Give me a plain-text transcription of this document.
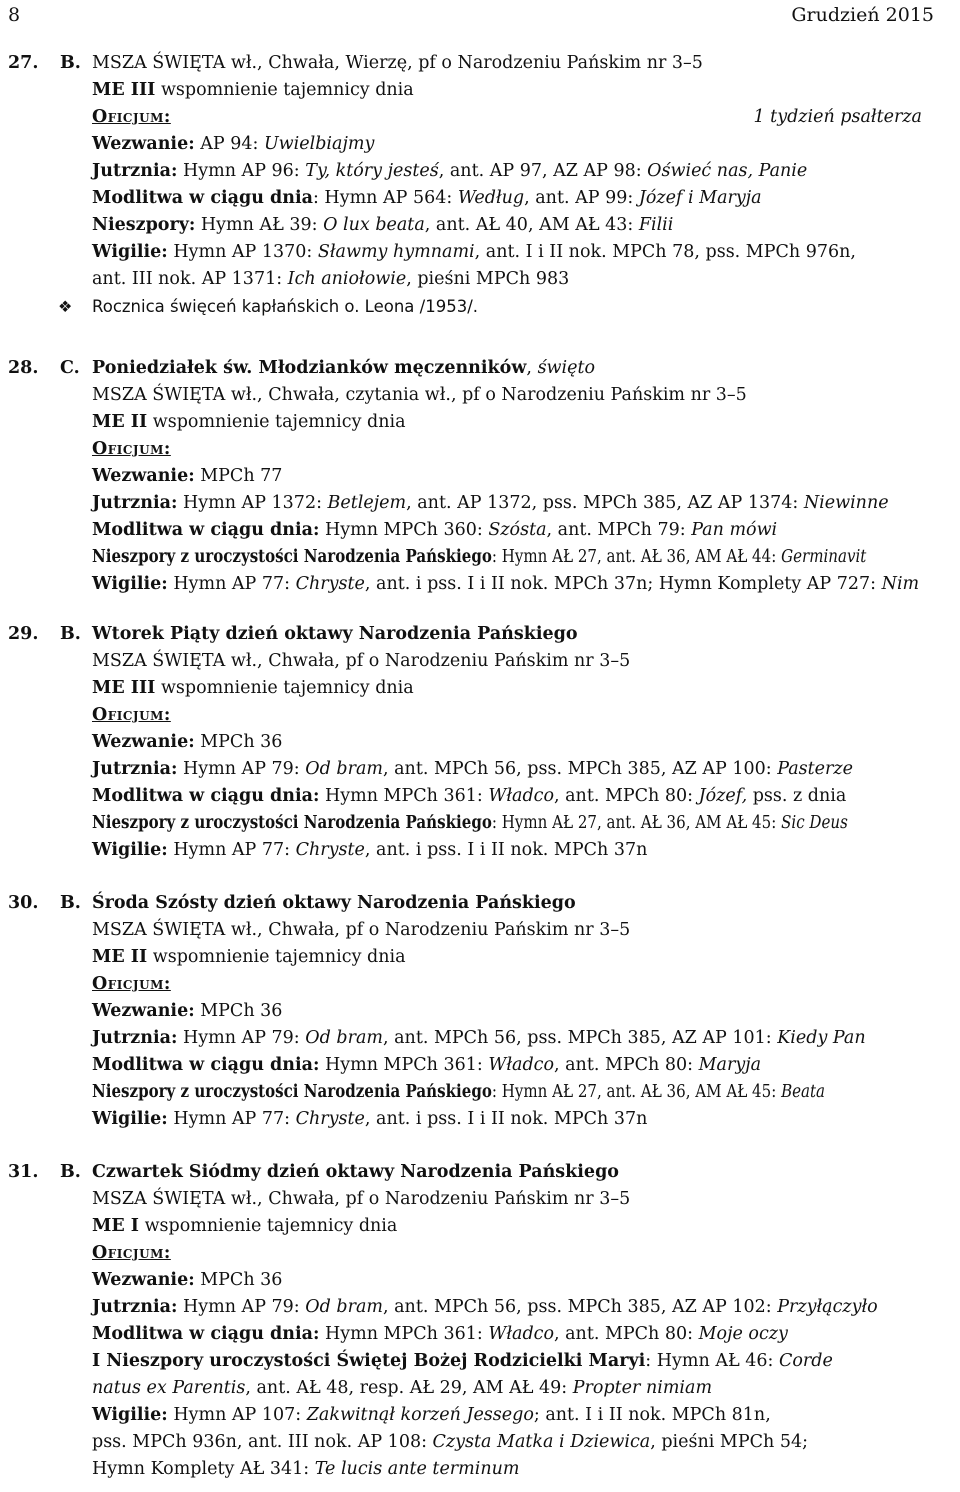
8	Grudzień 2015
27. B. MSZA ŚWIĘTA wł., Chwała, Wierzę, pf o Narodzeniu Pańskim nr 3–5
ME III wspomnienie tajemnicy dnia
Oficjum:	1 tydzień psałterza
Wezwanie: AP 94: Uwielbiajmy
Jutrznia: Hymn AP 96: Ty, który jesteś, ant. AP 97, AZ AP 98: Oświeć nas, Panie
Modlitwa w ciągu dnia: Hymn AP 564: Według, ant. AP 99: Józef i Maryja
Nieszpory: Hymn AŁ 39: O lux beata, ant. AŁ 40, AM AŁ 43: Filii
Wigilie: Hymn AP 1370: Sławmy hymnami, ant. I i II nok. MPCh 78, pss. MPCh 976n,
ant. III nok. AP 1371: Ich aniołowie, pieśni MPCh 983
❖ Rocznica święceń kapłańskich o. Leona /1953/.
28. C. Poniedziałek św. Młodzianków męczenników, święto
MSZA ŚWIĘTA wł., Chwała, czytania wł., pf o Narodzeniu Pańskim nr 3–5
ME II wspomnienie tajemnicy dnia
Oficjum:
Wezwanie: MPCh 77
Jutrznia: Hymn AP 1372: Betlejem, ant. AP 1372, pss. MPCh 385, AZ AP 1374: Niewinne
Modlitwa w ciągu dnia: Hymn MPCh 360: Szósta, ant. MPCh 79: Pan mówi
Nieszpory z uroczystości Narodzenia Pańskiego: Hymn AŁ 27, ant. AŁ 36, AM AŁ 44: Germinavit
Wigilie: Hymn AP 77: Chryste, ant. i pss. I i II nok. MPCh 37n; Hymn Komplety AP 727: Nim
29. B. Wtorek Piąty dzień oktawy Narodzenia Pańskiego
MSZA ŚWIĘTA wł., Chwała, pf o Narodzeniu Pańskim nr 3–5
ME III wspomnienie tajemnicy dnia
Oficjum:
Wezwanie: MPCh 36
Jutrznia: Hymn AP 79: Od bram, ant. MPCh 56, pss. MPCh 385, AZ AP 100: Pasterze
Modlitwa w ciągu dnia: Hymn MPCh 361: Władco, ant. MPCh 80: Józef, pss. z dnia
Nieszpory z uroczystości Narodzenia Pańskiego: Hymn AŁ 27, ant. AŁ 36, AM AŁ 45: Sic Deus
Wigilie: Hymn AP 77: Chryste, ant. i pss. I i II nok. MPCh 37n
30. B. Środa Szósty dzień oktawy Narodzenia Pańskiego
MSZA ŚWIĘTA wł., Chwała, pf o Narodzeniu Pańskim nr 3–5
ME II wspomnienie tajemnicy dnia
Oficjum:
Wezwanie: MPCh 36
Jutrznia: Hymn AP 79: Od bram, ant. MPCh 56, pss. MPCh 385, AZ AP 101: Kiedy Pan
Modlitwa w ciągu dnia: Hymn MPCh 361: Władco, ant. MPCh 80: Maryja
Nieszpory z uroczystości Narodzenia Pańskiego: Hymn AŁ 27, ant. AŁ 36, AM AŁ 45: Beata
Wigilie: Hymn AP 77: Chryste, ant. i pss. I i II nok. MPCh 37n
31. B. Czwartek Siódmy dzień oktawy Narodzenia Pańskiego
MSZA ŚWIĘTA wł., Chwała, pf o Narodzeniu Pańskim nr 3–5
ME I wspomnienie tajemnicy dnia
Oficjum:
Wezwanie: MPCh 36
Jutrznia: Hymn AP 79: Od bram, ant. MPCh 56, pss. MPCh 385, AZ AP 102: Przyłączyło
Modlitwa w ciągu dnia: Hymn MPCh 361: Władco, ant. MPCh 80: Moje oczy
I Nieszpory uroczystości Świętej Bożej Rodzicielki Maryi: Hymn AŁ 46: Corde
natus ex Parentis, ant. AŁ 48, resp. AŁ 29, AM AŁ 49: Propter nimiam
Wigilie: Hymn AP 107: Zakwitnął korzeń Jessego; ant. I i II nok. MPCh 81n,
pss. MPCh 936n, ant. III nok. AP 108: Czysta Matka i Dziewica, pieśni MPCh 54;
Hymn Komplety AŁ 341: Te lucis ante terminum
